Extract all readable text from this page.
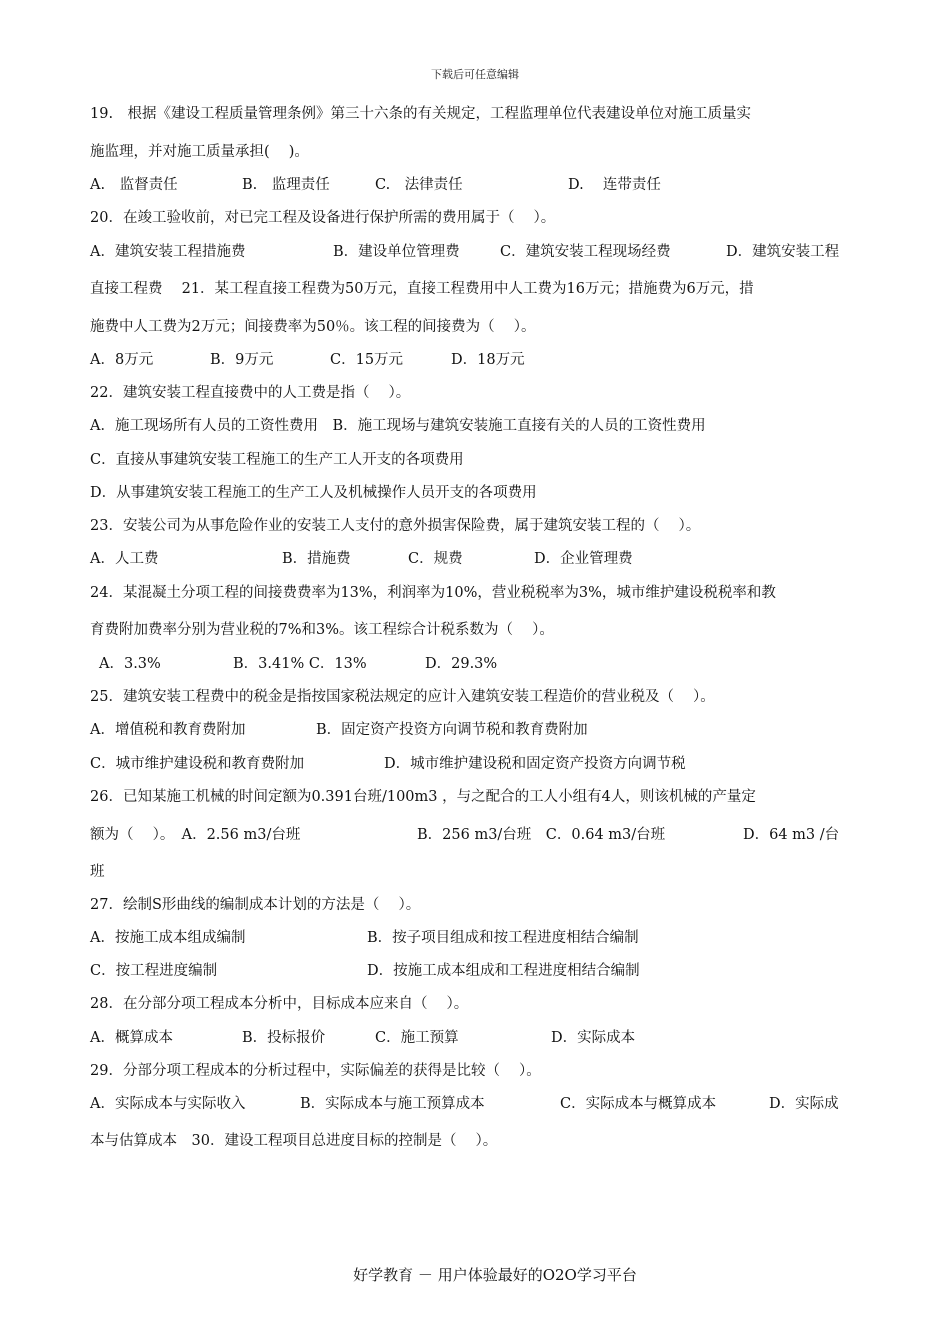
下载后可任意编辑
19.　根据《建设工程质量管理条例》第三十六条的有关规定，工程监理单位代表建设单位对施工质量实
施监理，并对施工质量承担(　 )。

A.　监督责任

	B.　监理责任

	C.　法律责任

	D.　 连带责任

20．在竣工验收前，对已完工程及设备进行保护所需的费用属于（　 ）。

A．建筑安装工程措施费

	B．建设单位管理费

	C．建筑安装工程现场经费

	D．建筑安装工程

直接工程费　 21．某工程直接工程费为50万元，直接工程费用中人工费为16万元；措施费为6万元，措
施费中人工费为2万元；间接费率为50％。该工程的间接费为（　 ）。

A．8万元

	B．9万元

	C．15万元

	D．18万元

22．建筑安装工程直接费中的人工费是指（　 ）。
A．施工现场所有人员的工资性费用　B．施工现场与建筑安装施工直接有关的人员的工资性费用
C．直接从事建筑安装工程施工的生产工人开支的各项费用
D．从事建筑安装工程施工的生产工人及机械操作人员开支的各项费用
23．安装公司为从事危险作业的安装工人支付的意外损害保险费，属于建筑安装工程的（　 ）。

A．人工费

	B．措施费

	C．规费

	D．企业管理费

24．某混凝土分项工程的间接费费率为13%，利润率为10%，营业税税率为3%，城市维护建设税税率和教
育费附加费率分别为营业税的7%和3%。该工程综合计税系数为（　 ）。

A．3.3%

	B．3.41% C．13%

	D．29.3%

25．建筑安装工程费中的税金是指按国家税法规定的应计入建筑安装工程造价的营业税及（　 ）。

A．增值税和教育费附加

	B．固定资产投资方向调节税和教育费附加

C．城市维护建设税和教育费附加

	D．城市维护建设税和固定资产投资方向调节税

26．已知某施工机械的时间定额为0.391台班/100m3 ，与之配合的工人小组有4人，则该机械的产量定

额为（　 ）。　A．2.56 m3/台班

	B．256 m3/台班　C．0.64 m3/台班

	D．64 m3 /台

班
27．绘制S形曲线的编制成本计划的方法是（　 ）。

A．按施工成本组成编制

	B．按子项目组成和按工程进度相结合编制

C．按工程进度编制

	D．按施工成本组成和工程进度相结合编制

28．在分部分项工程成本分析中，目标成本应来自（　 ）。

A．概算成本

	B．投标报价

	C．施工预算

	D．实际成本

29．分部分项工程成本的分析过程中，实际偏差的获得是比较（　 ）。

A．实际成本与实际收入

	B．实际成本与施工预算成本

	C．实际成本与概算成本

	D．实际成

本与估算成本　30．建设工程项目总进度目标的控制是（　 ）。
好学教育 － 用户体验最好的O2O学习平台
